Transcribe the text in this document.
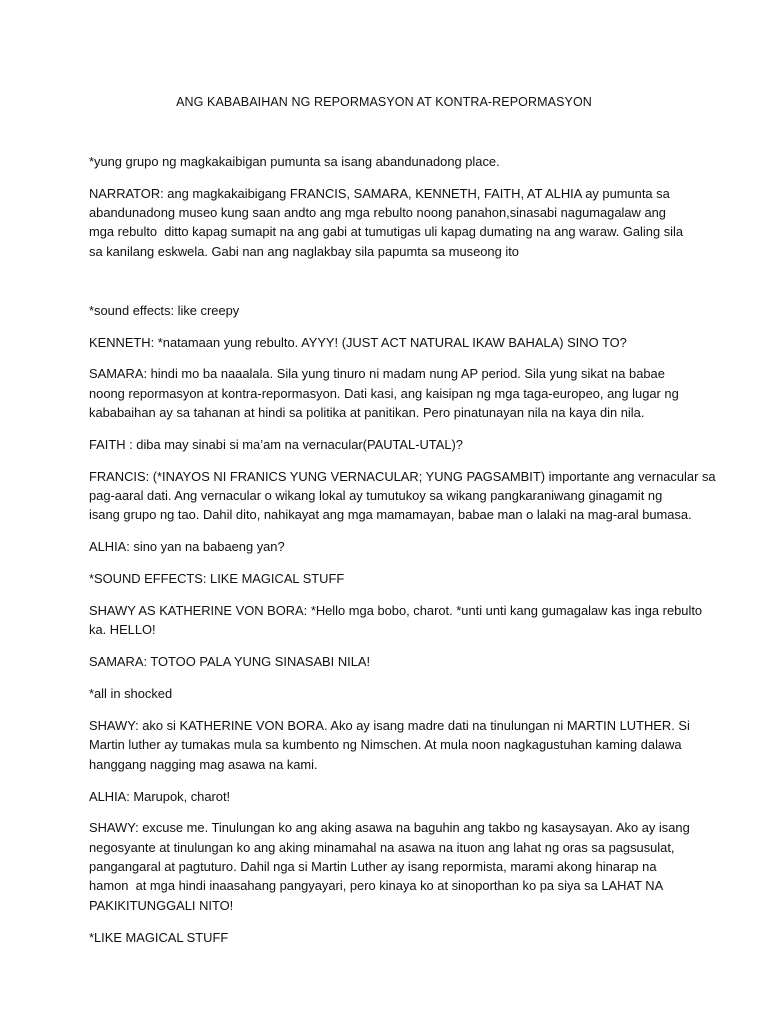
ANG KABABAIHAN NG REPORMASYON AT KONTRA-REPORMASYON
*yung grupo ng magkakaibigan pumunta sa isang abandunadong place.
NARRATOR: ang magkakaibigang FRANCIS, SAMARA, KENNETH, FAITH, AT ALHIA ay pumunta sa
abandunadong museo kung saan andto ang mga rebulto noong panahon,sinasabi nagumagalaw ang
mga rebulto  ditto kapag sumapit na ang gabi at tumutigas uli kapag dumating na ang waraw. Galing sila
sa kanilang eskwela. Gabi nan ang naglakbay sila papumta sa museong ito
*sound effects: like creepy
KENNETH: *natamaan yung rebulto. AYYY! (JUST ACT NATURAL IKAW BAHALA) SINO TO?
SAMARA: hindi mo ba naaalala. Sila yung tinuro ni madam nung AP period. Sila yung sikat na babae
noong repormasyon at kontra-repormasyon. Dati kasi, ang kaisipan ng mga taga-europeo, ang lugar ng
kababaihan ay sa tahanan at hindi sa politika at panitikan. Pero pinatunayan nila na kaya din nila.
FAITH : diba may sinabi si ma’am na vernacular(PAUTAL-UTAL)?
FRANCIS: (*INAYOS NI FRANICS YUNG VERNACULAR; YUNG PAGSAMBIT) importante ang vernacular sa
pag-aaral dati. Ang vernacular o wikang lokal ay tumutukoy sa wikang pangkaraniwang ginagamit ng
isang grupo ng tao. Dahil dito, nahikayat ang mga mamamayan, babae man o lalaki na mag-aral bumasa.
ALHIA: sino yan na babaeng yan?
*SOUND EFFECTS: LIKE MAGICAL STUFF
SHAWY AS KATHERINE VON BORA: *Hello mga bobo, charot. *unti unti kang gumagalaw kas inga rebulto
ka. HELLO!
SAMARA: TOTOO PALA YUNG SINASABI NILA!
*all in shocked
SHAWY: ako si KATHERINE VON BORA. Ako ay isang madre dati na tinulungan ni MARTIN LUTHER. Si
Martin luther ay tumakas mula sa kumbento ng Nimschen. At mula noon nagkagustuhan kaming dalawa
hanggang nagging mag asawa na kami.
ALHIA: Marupok, charot!
SHAWY: excuse me. Tinulungan ko ang aking asawa na baguhin ang takbo ng kasaysayan. Ako ay isang
negosyante at tinulungan ko ang aking minamahal na asawa na ituon ang lahat ng oras sa pagsusulat,
pangangaral at pagtuturo. Dahil nga si Martin Luther ay isang repormista, marami akong hinarap na
hamon  at mga hindi inaasahang pangyayari, pero kinaya ko at sinoporthan ko pa siya sa LAHAT NA
PAKIKITUNGGALI NITO!
*LIKE MAGICAL STUFF
